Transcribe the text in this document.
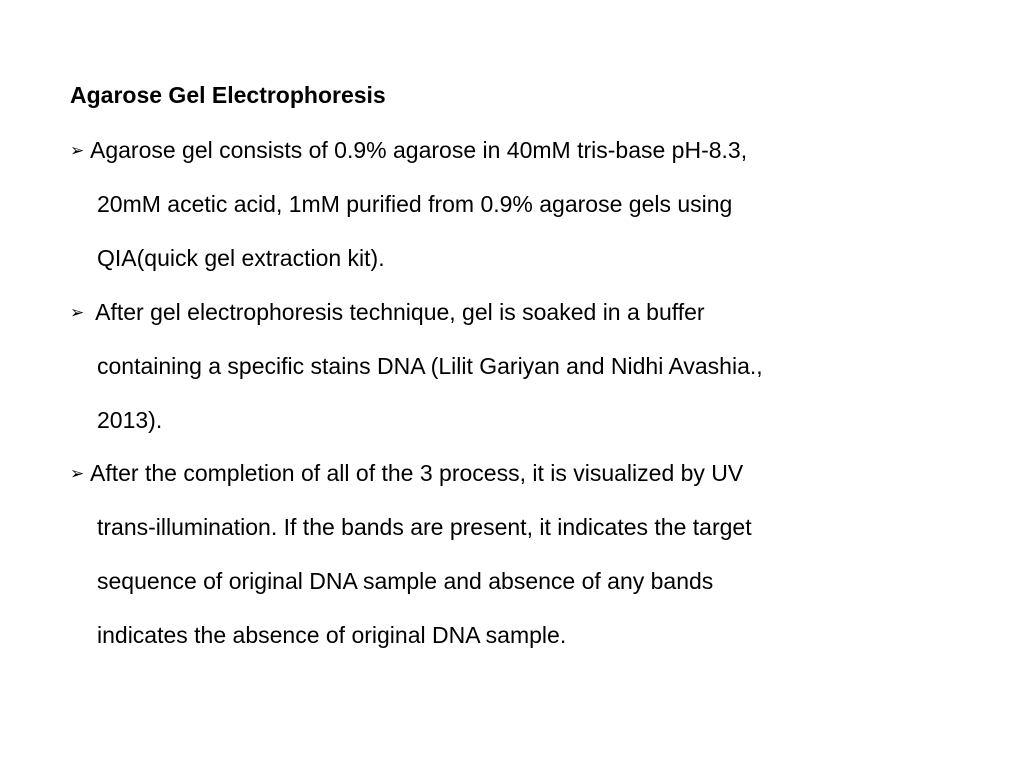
Agarose Gel Electrophoresis
➢ Agarose gel consists of 0.9% agarose in 40mM tris-base pH-8.3,
20mM acetic acid, 1mM purified from 0.9% agarose gels using
QIA(quick gel extraction kit).
➢ After gel electrophoresis technique, gel is soaked in a buffer
containing a specific stains DNA (Lilit Gariyan and Nidhi Avashia.,
2013).
➢ After the completion of all of the 3 process, it is visualized by UV
trans-illumination. If the bands are present, it indicates the target
sequence of original DNA sample and absence of any bands
indicates the absence of original DNA sample.
